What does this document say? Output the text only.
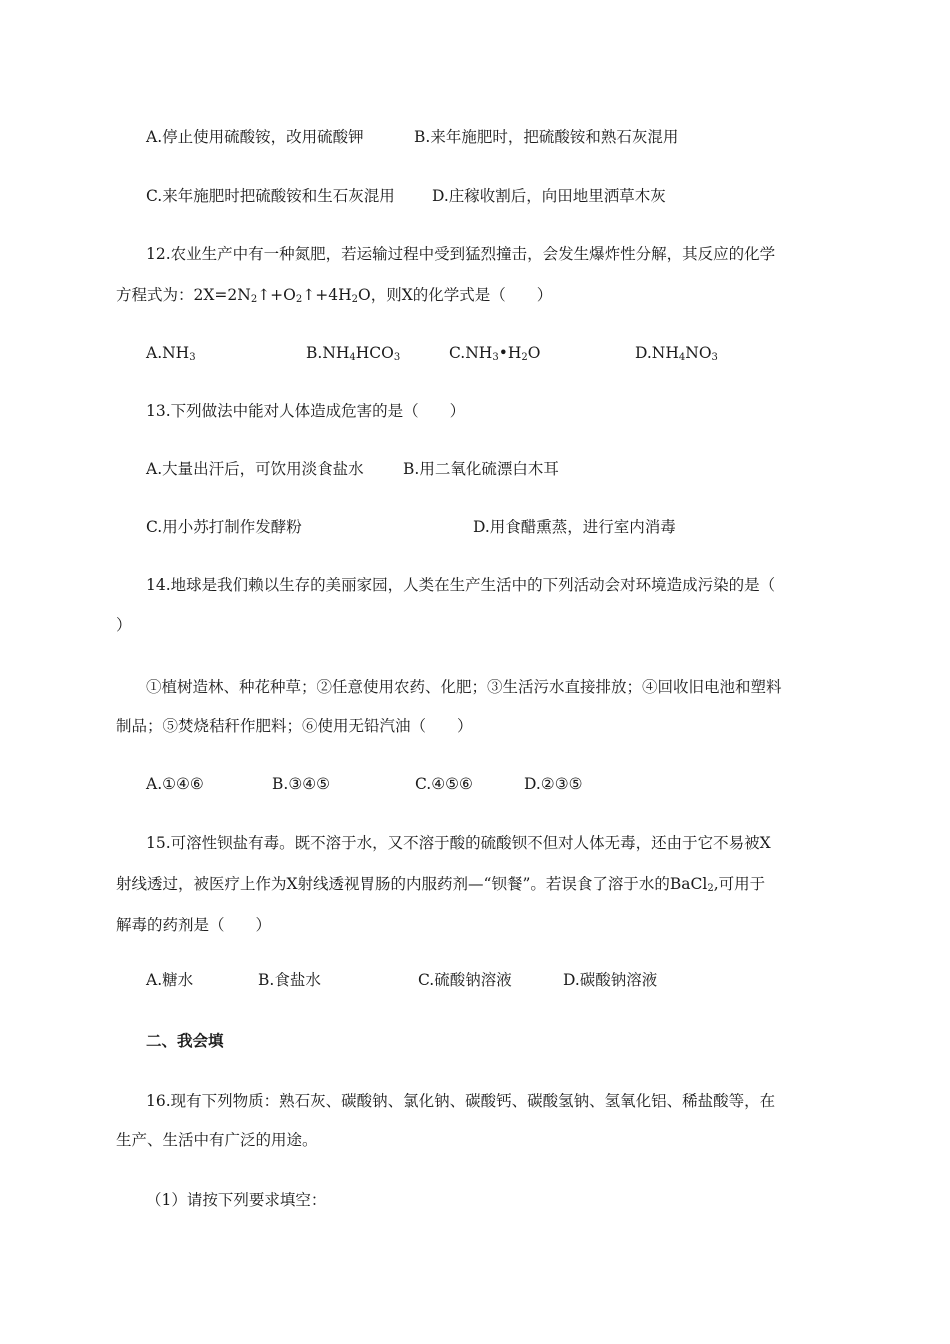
A.停止使用硫酸铵，改用硫酸钾	B.来年施肥时，把硫酸铵和熟石灰混用
C.来年施肥时把硫酸铵和生石灰混用 D.庄稼收割后，向田地里洒草木灰
12.农业生产中有一种氮肥，若运输过程中受到猛烈撞击，会发生爆炸性分解，其反应的化学
方程式为：$2X=2N_2↑+O_2↑+4H_2O$，则X的化学式是（　　）
$A.NH_3$	$B.NH_4HCO_3$	$C.NH_3•H_2O$	$D.NH_4NO_3$
13.下列做法中能对人体造成危害的是（　　）
A.大量出汗后，可饮用淡食盐水	B.用二氧化硫漂白木耳
C.用小苏打制作发酵粉	D.用食醋熏蒸，进行室内消毒
14.地球是我们赖以生存的美丽家园，人类在生产生活中的下列活动会对环境造成污染的是（
）
①植树造林、种花种草；②任意使用农药、化肥；③生活污水直接排放；④回收旧电池和塑料
制品；⑤焚烧秸秆作肥料；⑥使用无铅汽油（　　）
A.①④⑥	B.③④⑤	C.④⑤⑥	D.②③⑤
15.可溶性钡盐有毒。既不溶于水，又不溶于酸的硫酸钡不但对人体无毒，还由于它不易被X
射线透过，被医疗上作为X射线透视胃肠的内服药剂—“钡餐”。若误食了溶于水的BaCl$_2$,可用于
解毒的药剂是（　　）
A.糖水	B.食盐水	C.硫酸钠溶液	D.碳酸钠溶液
二、我会填
16.现有下列物质：熟石灰、碳酸钠、氯化钠、碳酸钙、碳酸氢钠、氢氧化铝、稀盐酸等，在
生产、生活中有广泛的用途。
（1）请按下列要求填空：
